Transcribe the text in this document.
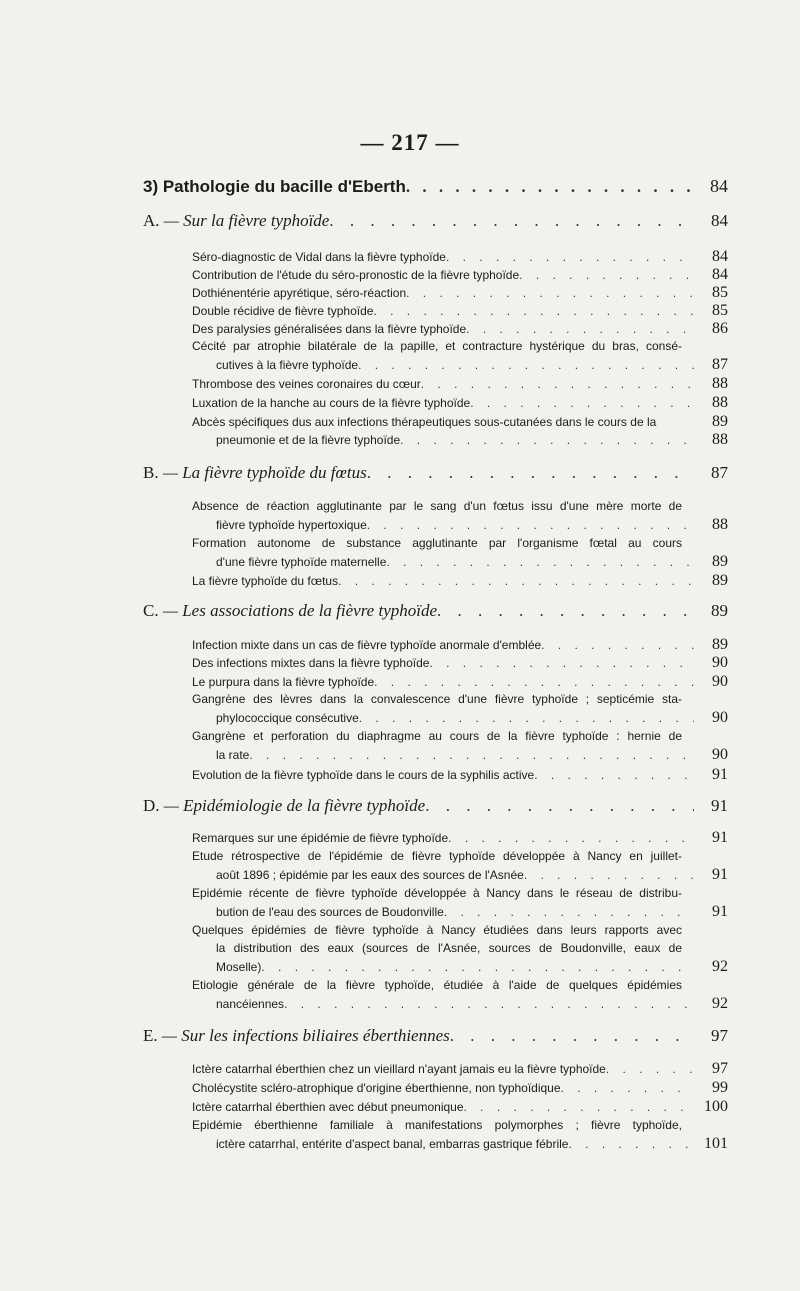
— 217 —
3) Pathologie du bacille d'Eberth . . .	84
A. — Sur la fièvre typhoïde . . .	84
Séro-diagnostic de Vidal dans la fièvre typhoïde . . .	84
Contribution de l'étude du séro-pronostic de la fièvre typhoïde . . .	84
Dothiénentérie apyrétique, séro-réaction . . .	85
Double récidive de fièvre typhoïde . . .	85
Des paralysies généralisées dans la fièvre typhoïde . . .	86
Cécité par atrophie bilatérale de la papille, et contracture hystérique du bras, consé-
cutives à la fièvre typhoïde . . .	87
Thrombose des veines coronaires du cœur . . .	88
Luxation de la hanche au cours de la fièvre typhoïde . . .	88
Abcès spécifiques dus aux infections thérapeutiques sous-cutanées dans le cours de la	89
pneumonie et de la fièvre typhoïde . . .	88
B. — La fièvre typhoïde du fœtus . . .	87
Absence de réaction agglutinante par le sang d'un fœtus issu d'une mère morte de
fièvre typhoïde hypertoxique . . .	88
Formation autonome de substance agglutinante par l'organisme fœtal au cours
d'une fièvre typhoïde maternelle . . .	89
La fièvre typhoïde du fœtus . . .	89
C. — Les associations de la fièvre typhoïde . . .	89
Infection mixte dans un cas de fièvre typhoïde anormale d'emblée . . .	89
Des infections mixtes dans la fièvre typhoïde . . .	90
Le purpura dans la fièvre typhoïde . . .	90
Gangrène des lèvres dans la convalescence d'une fièvre typhoïde ; septicémie sta-
phylococcique consécutive . . .	90
Gangrène et perforation du diaphragme au cours de la fièvre typhoïde : hernie de
la rate . . .	90
Evolution de la fièvre typhoïde dans le cours de la syphilis active . . .	91
D. — Epidémiologie de la fièvre typhoïde . . .	91
Remarques sur une épidémie de fièvre typhoïde . . .	91
Etude rétrospective de l'épidémie de fièvre typhoïde développée à Nancy en juillet-
août 1896 ; épidémie par les eaux des sources de l'Asnée . . .	91
Epidémie récente de fièvre typhoïde développée à Nancy dans le réseau de distribu-
bution de l'eau des sources de Boudonville . . .	91
Quelques épidémies de fièvre typhoïde à Nancy étudiées dans leurs rapports avec
la distribution des eaux (sources de l'Asnée, sources de Boudonville, eaux de
Moselle) . . .	92
Etiologie générale de la fièvre typhoïde, étudiée à l'aide de quelques épidémies
nancéiennes . . .	92
E. — Sur les infections biliaires éberthiennes . . .	97
Ictère catarrhal éberthien chez un vieillard n'ayant jamais eu la fièvre typhoïde . . .	97
Cholécystite scléro-atrophique d'origine éberthienne, non typhoïdique . . .	99
Ictère catarrhal éberthien avec début pneumonique . . .	100
Epidémie éberthienne familiale à manifestations polymorphes ; fièvre typhoïde,
ictère catarrhal, entérite d'aspect banal, embarras gastrique fébrile . . .	101
